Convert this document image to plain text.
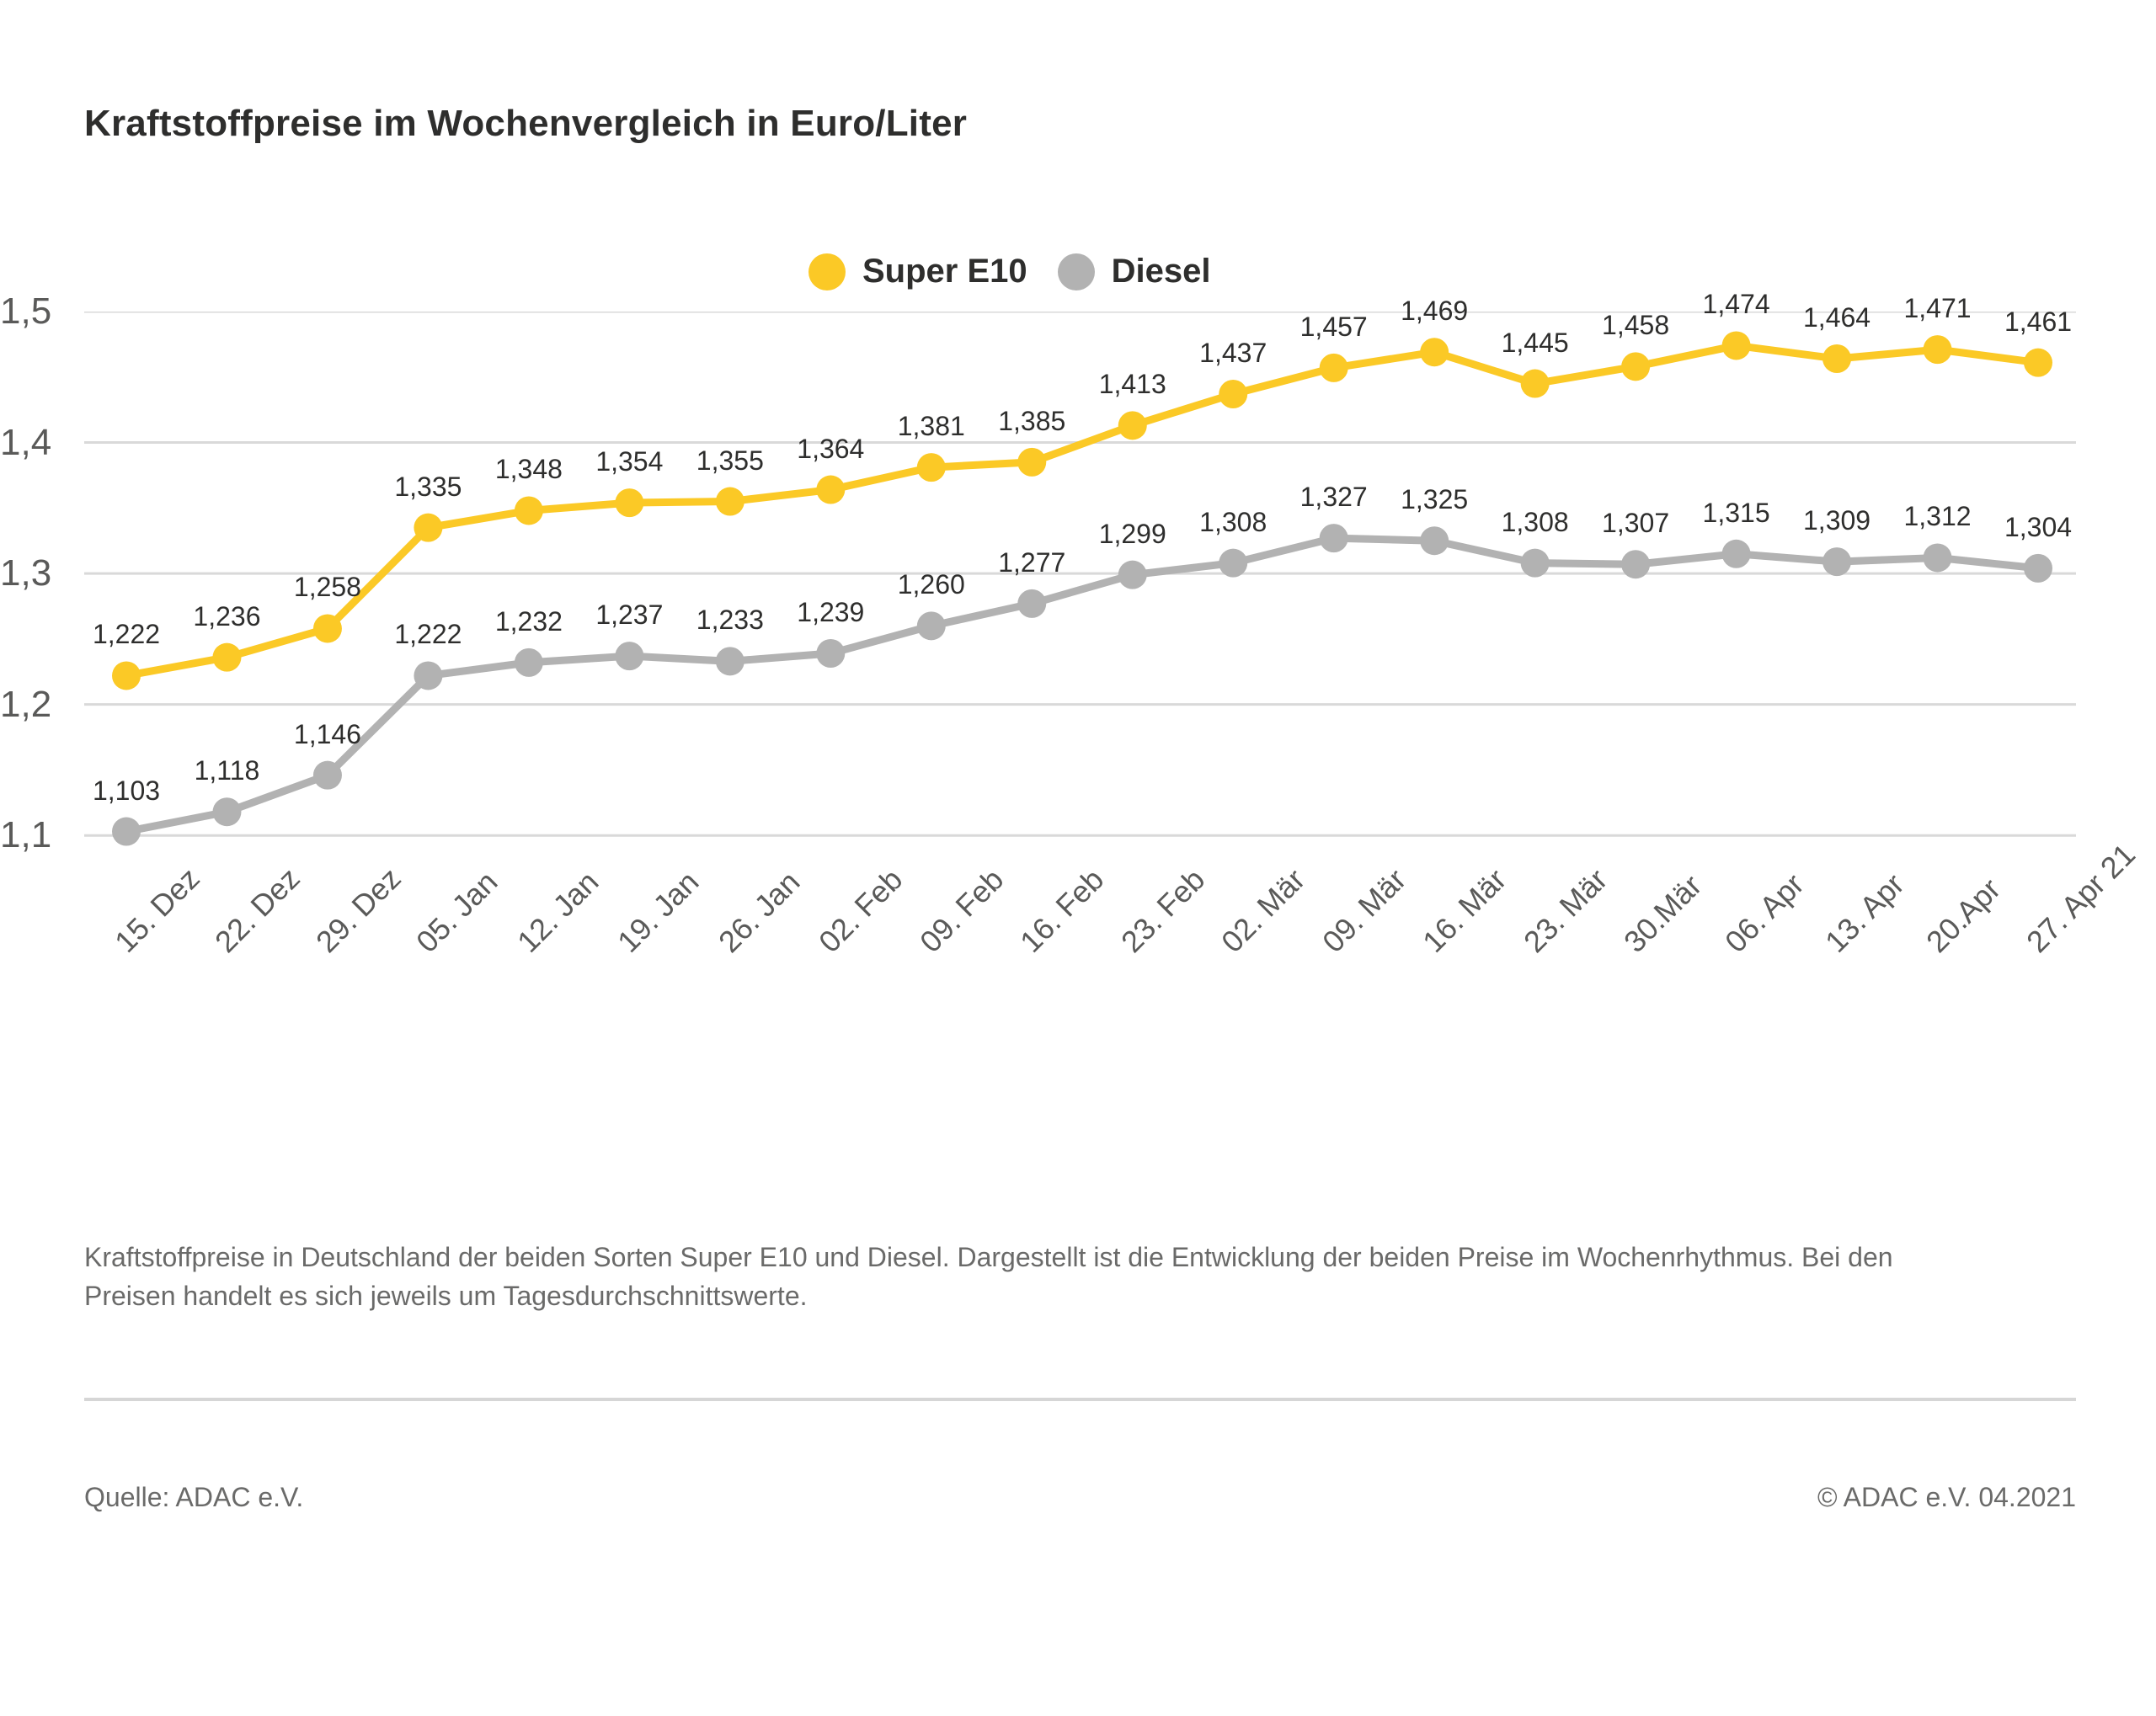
Kraftstoffpreise im Wochenvergleich in Euro/Liter
Super E10	Diesel
1,1
1,2
1,3
1,4
1,5
15. Dez 22. Dez 29. Dez 05. Jan 12. Jan 19. Jan 26. Jan 02. Feb 09. Feb 16. Feb 23. Feb 02. Mär 09. Mär 16. Mär 23. Mär 30.Mär 06. Apr 13. Apr 20.Apr 27. Apr 21
Kraftstoffpreise in Deutschland der beiden Sorten Super E10 und Diesel. Dargestellt ist die Entwicklung der beiden Preise im Wochenrhythmus. Bei den Preisen handelt es sich jeweils um Tagesdurchschnittswerte.
Quelle: ADAC e.V.	© ADAC e.V. 04.2021
1,222
1,236
1,258
1,335
1,348 1,354 1,355 1,364
1,381 1,385
1,413
1,437
1,457
1,469
1,445
1,458
1,474 1,464 1,471 1,461
1,103
1,118
1,146
1,222 1,232 1,237 1,233 1,239
1,260
1,277
1,299 1,308
1,327 1,325
1,308 1,307 1,315 1,309 1,312 1,304
